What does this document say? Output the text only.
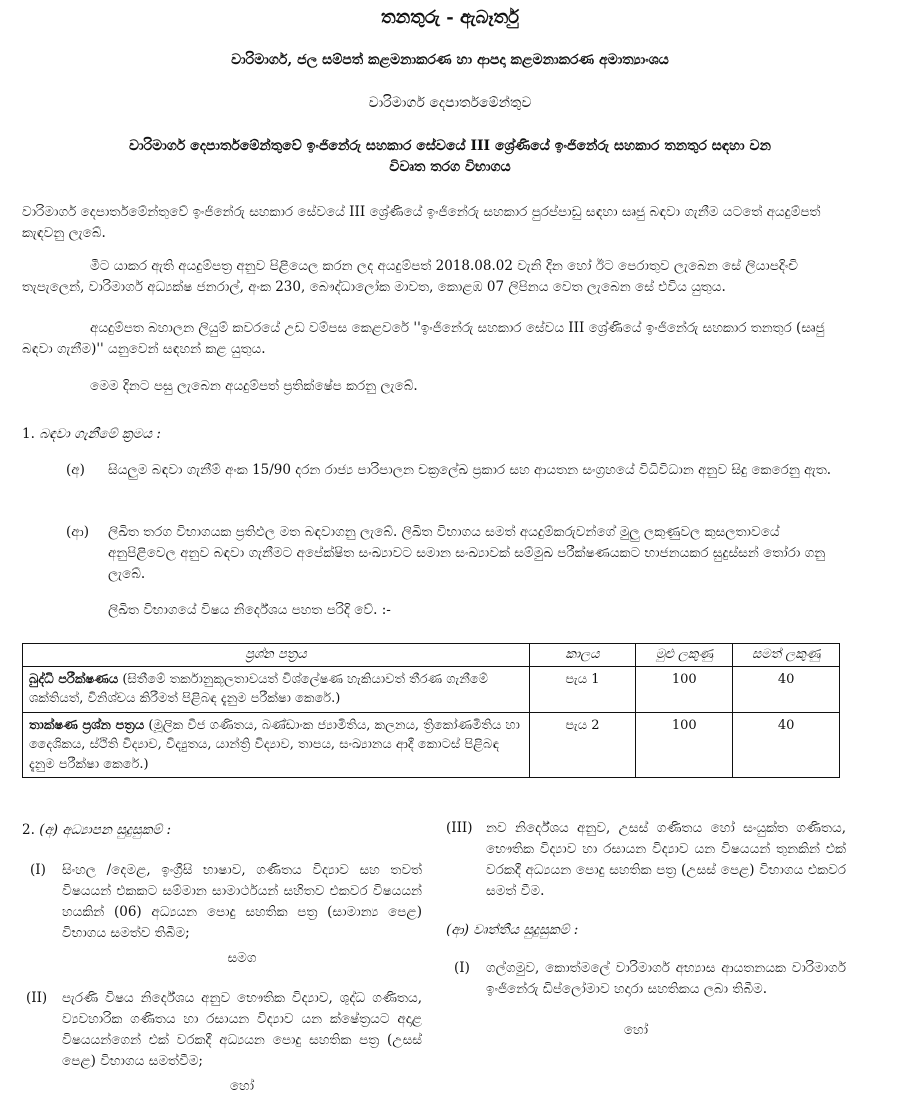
තනතුරු - ඇබෑර්තු
වාරිමාර්ග, ජල සම්පත් කළමනාකරණ හා ආපදා කළමනාකරණ අමාත්‍යාංශය
වාරිමාර්ග දෙපාර්තමේන්තුව
වාරිමාර්ග දෙපාර්තමේන්තුවේ ඉංජිනේරු සහකාර සේවයේ III ශ්‍රේණියේ ඉංජිනේරු සහකාර තනතුර සඳහා වන
විවෘත තරග විභාගය

වාරිමාර්ග දෙපාර්තමේන්තුවේ ඉංජිනේරු සහකාර සේවයේ III ශ්‍රේණියේ ඉංජිනේරු සහකාර පුරප්පාඩු සඳහා සෘජු බඳවා ගැනීම යටතේ අයදුම්පත් කැඳවනු ලැබේ.

මීට යාකර ඇති අයදුම්පත්‍ර අනුව පිළියෙල කරන ලද අයදුම්පත් 2018.08.02 වැනි දින හෝ ඊට පෙරාතුව ලැබෙන සේ ලියාපදිංචි තැපැලෙන්, වාරිමාර්ග අධ්‍යක්ෂ ජනරාල්, අංක 230, බෞද්ධාලෝක මාවත, කොළඹ 07 ලිපිනය වෙත ලැබෙන සේ එවිය යුතුය.

අයදුම්පත බහාලන ලියුම් කවරයේ උඩ වම්පස කෙළවරේ ''ඉංජිනේරු සහකාර සේවය III ශ්‍රේණියේ ඉංජිනේරු සහකාර තනතුර (සෘජු බඳවා ගැනීම)'' යනුවෙන් සඳහන් කළ යුතුය.

මෙම දිනට පසු ලැබෙන අයදුම්පත් ප්‍රතික්ෂේප කරනු ලැබේ.

1. බඳවා ගැනීමේ ක්‍රමය :
(අ) සියලුම බඳවා ගැනීම් අංක 15/90 දරන රාජ්‍ය පාරිපාලන චක්‍රලේඛ ප්‍රකාර සහ ආයතන සංග්‍රහයේ විධිවිධාන අනුව සිදු කෙරෙනු ඇත.
(ආ) ලිඛිත තරග විභාගයක ප්‍රතිඵල මත බඳවාගනු ලැබේ. ලිඛිත විභාගය සමත් අයදුම්කරුවන්ගේ මුලු ලකුණුවල කුසලතාවයේ අනුපිළිවෙල අනුව බඳවා ගැනීමට අපේක්ෂිත සංඛ්‍යාවට සමාන සංඛ්‍යාවක් සම්මුඛ පරීක්ෂණයකට භාජනයකර සුදුස්සන් තෝරා ගනු ලැබේ.
ලිඛිත විභාගයේ විෂය නිර්දේශය පහත පරිදි වේ. :-
ප්‍රශ්න පත්‍රය	කාලය	මුළු ලකුණු	සමත් ලකුණු
බුද්ධි පරීක්ෂණය (සිතීමේ තර්කානුකූලතාවයත් විශ්ලේෂණ හැකියාවත් තීරණ ගැනීමේ ශක්තියත්, විනිශ්චය කිරීමත් පිළිබඳ දැනුම පරීක්ෂා කෙරේ.)	පැය 1	100	40
තාක්ෂණ ප්‍රශ්න පත්‍රය (මූලික වීජ ගණිතය, බණ්ඩාංක ජ්‍යාමිතිය, කලනය, ත්‍රිකෝණමිතිය හා දෛශිකය, ස්ථිති විද්‍යාව, විද්‍යුතය, යාන්ත්‍රි විද්‍යාව, තාපය, සංඛ්‍යානය ආදී කොටස් පිළිබඳ දැනුම පරීක්ෂා කෙරේ.)	පැය 2	100	40
2. (අ) අධ්‍යාපන සුදුසුකම් :
(I) සිංහල /දෙමළ, ඉංග්‍රීසි භාෂාව, ගණිතය විද්‍යාව සහ තවත් විෂයයන් එකකට සම්මාන සාමාර්ථයන් සහිතව එකවර විෂයයන් හයකින් (06) අධ්‍යයන පොදු සහතික පත්‍ර (සාමාන්‍ය පෙළ) විභාගය සමත්ව තිබීම;
සමග
(II) පැරණි විෂය නිර්දේශය අනුව භෞතික විද්‍යාව, ශුද්ධ ගණිතය, ව්‍යවහාරික ගණිතය හා රසායන විද්‍යාව යන ක්ෂේත්‍රයට අදාළ විෂයයන්ගෙන් එක් වරකදී අධ්‍යයන පොදු සහතික පත්‍ර (උසස් පෙළ) විභාගය සමත්වීම;
හෝ
(III) නව නිර්දේශය අනුව, උසස් ගණිතය හෝ සංයුක්ත ගණිතය, භෞතික විද්‍යාව හා රසායන විද්‍යාව යන විෂයයන් තුනකින් එක් වරකදී අධ්‍යයන පොදු සහතික පත්‍ර (උසස් පෙළ) විභාගය එකවර සමත් වීම.
(ආ) වෘත්තීය සුදුසුකම් :
(I) ගල්ගමුව, කොත්මලේ වාරිමාර්ග අභ්‍යාස ආයතනයක වාරිමාර්ග ඉංජිනේරු ඩිප්ලෝමාව හදාරා සහතිකය ලබා තිබීම.
හෝ
